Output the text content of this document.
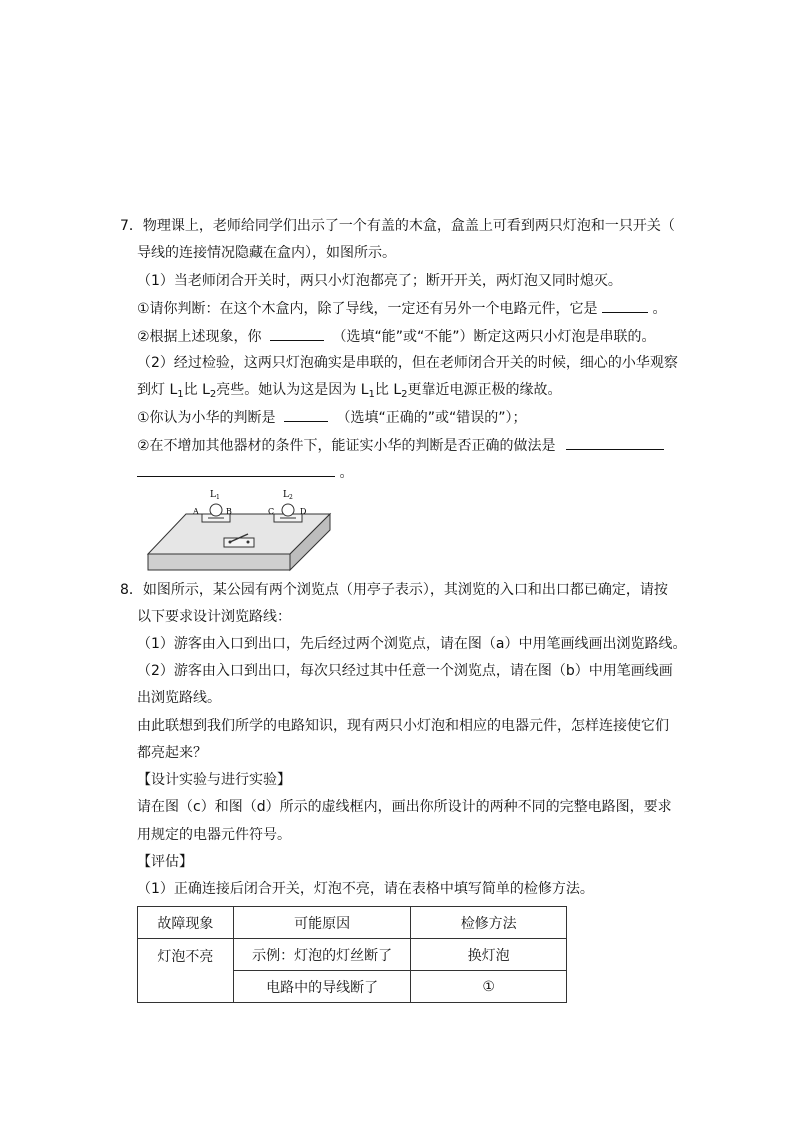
7．物理课上，老师给同学们出示了一个有盖的木盒，盒盖上可看到两只灯泡和一只开关（
导线的连接情况隐藏在盒内），如图所示。
（1）当老师闭合开关时，两只小灯泡都亮了；断开开关，两灯泡又同时熄灭。
①请你判断：在这个木盒内，除了导线，一定还有另外一个电路元件，它是	。
②根据上述现象，你	（选填“能”或“不能”）断定这两只小灯泡是串联的。
（2）经过检验，这两只灯泡确实是串联的，但在老师闭合开关的时候，细心的小华观察
到灯 $L_1$比 $L_2$亮些。她认为这是因为 $L_1$比 $L_2$更靠近电源正极的缘故。
①你认为小华的判断是	（选填“正确的”或“错误的”）；
②在不增加其他器材的条件下，能证实小华的判断是否正确的做法是
。
$L_1$	$L_2$
A	B	C	D
8．如图所示，某公园有两个浏览点（用亭子表示），其浏览的入口和出口都已确定，请按
以下要求设计浏览路线：
（1）游客由入口到出口，先后经过两个浏览点，请在图（a）中用笔画线画出浏览路线。
（2）游客由入口到出口，每次只经过其中任意一个浏览点，请在图（b）中用笔画线画
出浏览路线。
由此联想到我们所学的电路知识，现有两只小灯泡和相应的电器元件，怎样连接使它们
都亮起来？
【设计实验与进行实验】
请在图（c）和图（d）所示的虚线框内，画出你所设计的两种不同的完整电路图，要求
用规定的电器元件符号。
【评估】
（1）正确连接后闭合开关，灯泡不亮，请在表格中填写简单的检修方法。
故障现象	可能原因	检修方法
灯泡不亮	示例：灯泡的灯丝断了	换灯泡
	电路中的导线断了	①
